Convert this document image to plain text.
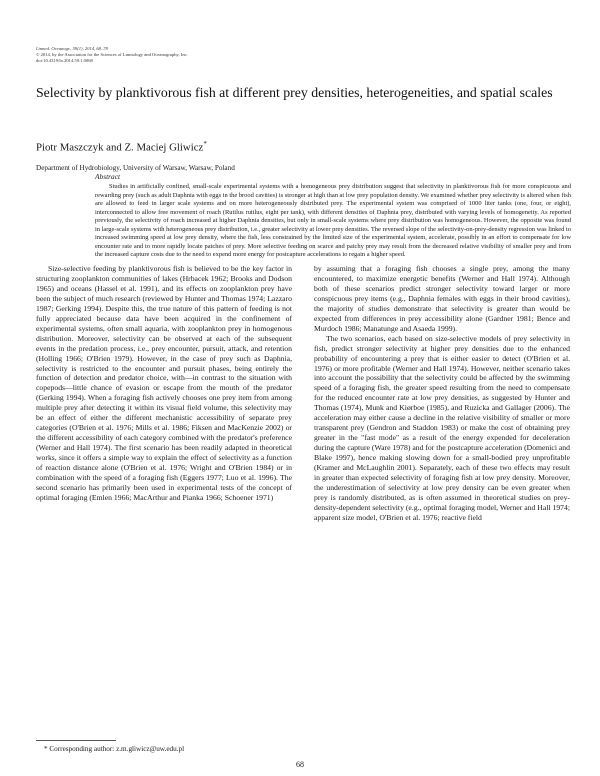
Limnol. Oceanogr., 59(1), 2014, 68–78
© 2014, by the Association for the Sciences of Limnology and Oceanography, Inc.
doi:10.4319/lo.2014.59.1.0068
Selectivity by planktivorous fish at different prey densities, heterogeneities, and spatial scales
Piotr Maszczyk and Z. Maciej Gliwicz*
Department of Hydrobiology, University of Warsaw, Warsaw, Poland
Abstract

Studies in artificially confined, small-scale experimental systems with a homogeneous prey distribution suggest that selectivity in planktivorous fish for more conspicuous and rewarding prey (such as adult Daphnia with eggs in the brood cavities) is stronger at high than at low prey population density. We examined whether prey selectivity is altered when fish are allowed to feed in larger scale systems and on more heterogeneously distributed prey. The experimental system was comprised of 1000 liter tanks (one, four, or eight), interconnected to allow free movement of roach (Rutilus rutilus, eight per tank), with different densities of Daphnia prey, distributed with varying levels of homogeneity. As reported previously, the selectivity of roach increased at higher Daphnia densities, but only in small-scale systems where prey distribution was homogeneous. However, the opposite was found in large-scale systems with heterogeneous prey distribution, i.e., greater selectivity at lower prey densities. The reversed slope of the selectivity-on-prey-density regression was linked to increased swimming speed at low prey density, where the fish, less constrained by the limited size of the experimental system, accelerate, possibly in an effort to compensate for low encounter rate and to more rapidly locate patches of prey. More selective feeding on scarce and patchy prey may result from the decreased relative visibility of smaller prey and from the increased capture costs due to the need to expend more energy for postcapture accelerations to regain a higher speed.

Size-selective feeding by planktivorous fish is believed to be the key factor in structuring zooplankton communities of lakes (Hrbacek 1962; Brooks and Dodson 1965) and oceans (Hassel et al. 1991), and its effects on zooplankton prey have been the subject of much research (reviewed by Hunter and Thomas 1974; Lazzaro 1987; Gerking 1994). Despite this, the true nature of this pattern of feeding is not fully appreciated because data have been acquired in the confinement of experimental systems, often small aquaria, with zooplankton prey in homogenous distribution. Moreover, selectivity can be observed at each of the subsequent events in the predation process, i.e., prey encounter, pursuit, attack, and retention (Holling 1966; O'Brien 1979). However, in the case of prey such as Daphnia, selectivity is restricted to the encounter and pursuit phases, being entirely the function of detection and predator choice, with—in contrast to the situation with copepods—little chance of evasion or escape from the mouth of the predator (Gerking 1994). When a foraging fish actively chooses one prey item from among multiple prey after detecting it within its visual field volume, this selectivity may be an effect of either the different mechanistic accessibility of separate prey categories (O'Brien et al. 1976; Mills et al. 1986; Fiksen and MacKenzie 2002) or the different accessibility of each category combined with the predator's preference (Werner and Hall 1974). The first scenario has been readily adapted in theoretical works, since it offers a simple way to explain the effect of selectivity as a function of reaction distance alone (O'Brien et al. 1976; Wright and O'Brien 1984) or in combination with the speed of a foraging fish (Eggers 1977; Luo et al. 1996). The second scenario has primarily been used in experimental tests of the concept of optimal foraging (Emlen 1966; MacArthur and Pianka 1966; Schoener 1971)

by assuming that a foraging fish chooses a single prey, among the many encountered, to maximize energetic benefits (Werner and Hall 1974). Although both of these scenarios predict stronger selectivity toward larger or more conspicuous prey items (e.g., Daphnia females with eggs in their brood cavities), the majority of studies demonstrate that selectivity is greater than would be expected from differences in prey accessibility alone (Gardner 1981; Bence and Murdoch 1986; Manatunge and Asaeda 1999).

The two scenarios, each based on size-selective models of prey selectivity in fish, predict stronger selectivity at higher prey densities due to the enhanced probability of encountering a prey that is either easier to detect (O'Brien et al. 1976) or more profitable (Werner and Hall 1974). However, neither scenario takes into account the possibility that the selectivity could be affected by the swimming speed of a foraging fish, the greater speed resulting from the need to compensate for the reduced encounter rate at low prey densities, as suggested by Hunter and Thomas (1974), Munk and Kiørboe (1985), and Ruzicka and Gallager (2006). The acceleration may either cause a decline in the relative visibility of smaller or more transparent prey (Gendron and Staddon 1983) or make the cost of obtaining prey greater in the "fast mode" as a result of the energy expended for deceleration during the capture (Ware 1978) and for the postcapture acceleration (Domenici and Blake 1997), hence making slowing down for a small-bodied prey unprofitable (Kramer and McLaughlin 2001). Separately, each of these two effects may result in greater than expected selectivity of foraging fish at low prey density. Moreover, the underestimation of selectivity at low prey density can be even greater when prey is randomly distributed, as is often assumed in theoretical studies on prey-density-dependent selectivity (e.g., optimal foraging model, Werner and Hall 1974; apparent size model, O'Brien et al. 1976; reactive field

* Corresponding author: z.m.gliwicz@uw.edu.pl
68
